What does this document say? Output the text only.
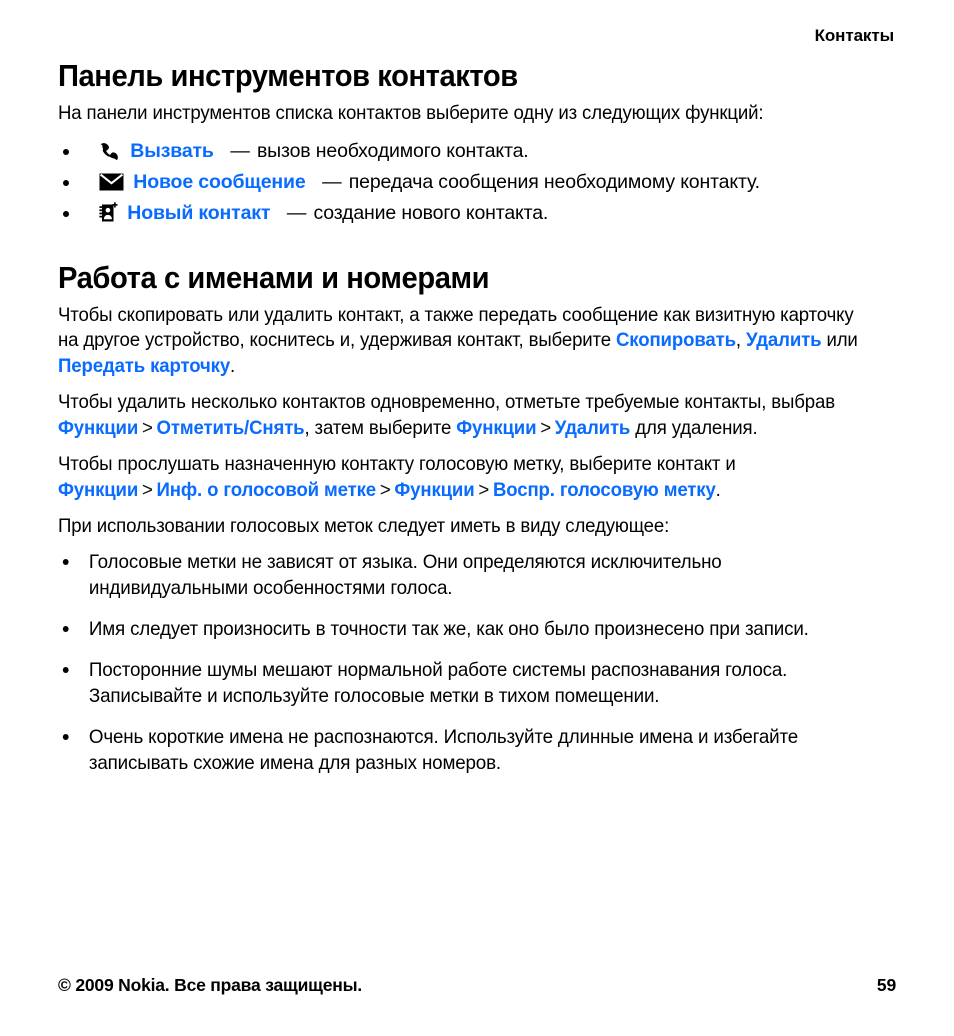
Контакты
Панель инструментов контактов

На панели инструментов списка контактов выберите одну из следующих функций:

Вызвать — вызов необходимого контакта.
Новое сообщение — передача сообщения необходимому контакту.
Новый контакт — создание нового контакта.
Работа с именами и номерами

Чтобы скопировать или удалить контакт, а также передать сообщение как визитную карточку на другое устройство, коснитесь и, удерживая контакт, выберите Скопировать, Удалить или Передать карточку.

Чтобы удалить несколько контактов одновременно, отметьте требуемые контакты, выбрав Функции > Отметить/Снять, затем выберите Функции > Удалить для удаления.

Чтобы прослушать назначенную контакту голосовую метку, выберите контакт и Функции > Инф. о голосовой метке > Функции > Воспр. голосовую метку.

При использовании голосовых меток следует иметь в виду следующее:

Голосовые метки не зависят от языка. Они определяются исключительно индивидуальными особенностями голоса.
Имя следует произносить в точности так же, как оно было произнесено при записи.
Посторонние шумы мешают нормальной работе системы распознавания голоса. Записывайте и используйте голосовые метки в тихом помещении.
Очень короткие имена не распознаются. Используйте длинные имена и избегайте записывать схожие имена для разных номеров.
© 2009 Nokia. Все права защищены.	59
